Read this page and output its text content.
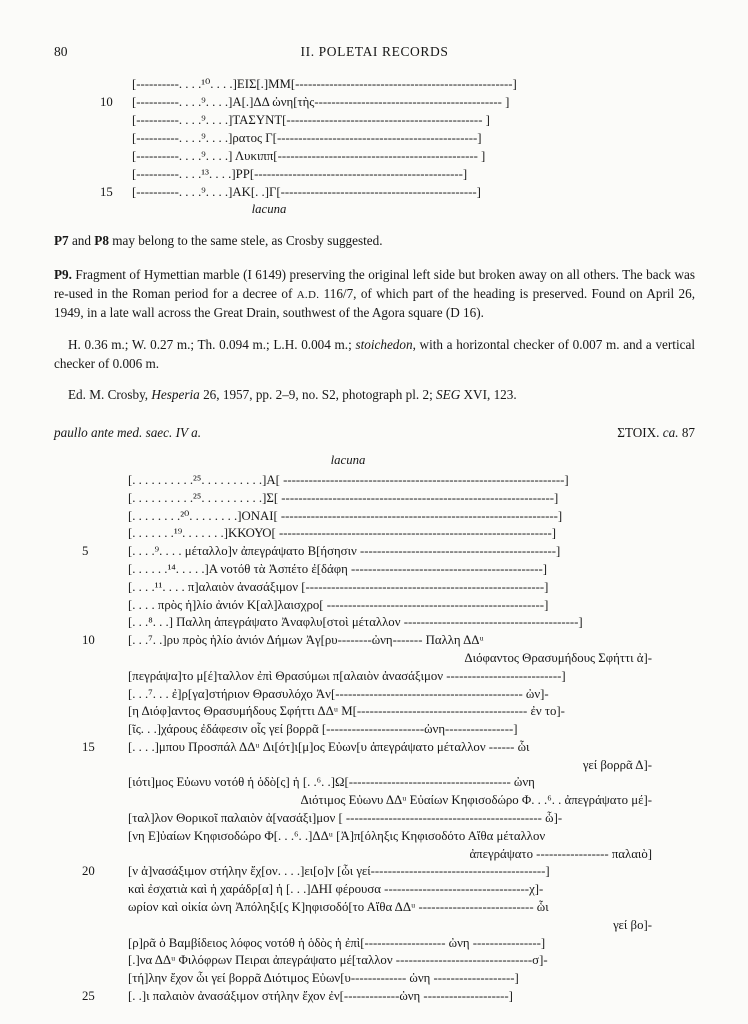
80	II. POLETAI RECORDS
[----------. . . .¹⁰. . . .]ΕΙΣ[.]ΜΜ[---------------------------------------------------]
10	[----------. . . .⁹. . . .]Α[.]ΔΔ ὠνη[τὴς-------------------------------------------- ]
[----------. . . .⁹. . . .]ΤΑΣΥΝΤ[---------------------------------------------- ]
[----------. . . .⁹. . . .]ρατος Γ[-----------------------------------------------]
[----------. . . .⁹. . . .] Λυκιππ[----------------------------------------------- ]
[----------. . . .¹³. . . .]ΡΡ[-------------------------------------------------]
15	[----------. . . .⁹. . . .]ΑΚ[. .]Γ[----------------------------------------------]
lacuna

P7 and P8 may belong to the same stele, as Crosby suggested.

P9. Fragment of Hymettian marble (I 6149) preserving the original left side but broken away on all others. The back was re-used in the Roman period for a decree of A.D. 116/7, of which part of the heading is preserved. Found on April 26, 1949, in a late wall across the Great Drain, southwest of the Agora square (D 16).

H. 0.36 m.; W. 0.27 m.; Th. 0.094 m.; L.H. 0.004 m.; stoichedon, with a horizontal checker of 0.007 m. and a vertical checker of 0.006 m.

Ed. M. Crosby, Hesperia 26, 1957, pp. 2–9, no. S2, photograph pl. 2; SEG XVI, 123.

paullo ante med. saec. IV a.	ΣΤΟΙΧ. ca. 87
lacuna
[. . . . . . . . . .²⁵. . . . . . . . . .]Α[ ------------------------------------------------------------------]
[. . . . . . . . . .²⁵. . . . . . . . . .]Σ[ ----------------------------------------------------------------]
[. . . . . . . .²⁰. . . . . . . .]ΟΝΑΙ[ -----------------------------------------------------------------]
[. . . . . . .¹⁹. . . . . . .]ΚΚΟΥΟ[ ----------------------------------------------------------------]
5	[. . . .⁹. . . . μέταλλο]ν ἀπεγράψατο Β[ήσησιν ----------------------------------------------]
[. . . . . .¹⁴. . . . .]Α νοτόθ τὰ Ἀσπέτο ἐ[δάφη ---------------------------------------------]
[. . . .¹¹. . . . π]αλαιὸν ἀνασάξιμον [--------------------------------------------------------]
[. . . . πρὸς ἡ]λίο ἀνιόν Κ[αλ]λαισχρο[ ---------------------------------------------------]
[. . .⁸. . .] Παλλη ἀπεγράψατο Ἀναφλυ[στοὶ μέταλλον -----------------------------------------]
10	[. . .⁷. .]ρυ πρὸς ἡλίο ἀνιόν Δήμων Ἀγ[ρυ--------ὠνη------- Παλλη ΔΔᵘ
Διόφαντος Θρασυμήδους Σφήττι ἀ]-
[πεγράψα]το μ[έ]ταλλον ἐπὶ Θρασύμωι π[αλαιὸν ἀνασάξιμον ---------------------------]
[. . .⁷. . . ἐ]ρ[γα]στήριον Θρασυλόχο Ἀν[-------------------------------------------- ὠν]-
[η Διόφ]αντος Θρασυμήδους Σφήττι ΔΔᵘ Μ[---------------------------------------- ἐν το]-
[ῖς. . .]χάρους ἐδάφεσιν οἷς γεί βορρᾶ [-----------------------ὠνη----------------]
15	[. . . .]μπου Προσπάλ ΔΔᵘ Δι[ότ]ι[μ]ος Εὐων[υ ἀπεγράψατο μέταλλον ------ ὧι
γεί βορρᾶ Δ]-
[ιότι]μος Εὐωνυ νοτόθ ἡ ὁδὸ[ς] ἡ [. .⁶. .]Ω[-------------------------------------- ὠνη
Διότιμος Εὐωνυ ΔΔᵘ Εὐαίων Κηφισοδώρο Φ. . .⁶. . ἀπεγράψατο μέ]-
[ταλ]λον Θορικοῖ παλαιὸν ἀ[νασάξι]μον [ ---------------------------------------------- ὧ]-
[νη Ε]ὐαίων Κηφισοδώρο Φ[. . .⁶. .]ΔΔᵘ [Ἀ]π[όληξις Κηφισοδότο Αἴθα μέταλλον
ἀπεγράψατο ----------------- παλαιὸ]
20	[ν ἀ]νασάξιμον στήλην ἔχ[ον. . . .]ει[ο]ν [ὧι γεί-----------------------------------------]
καὶ ἐσχατιὰ καὶ ἡ χαράδρ[α] ἡ [. . .]ΔΗΙ φέρουσα ----------------------------------χ]-
ωρίον καὶ οἰκία ὠνη Ἀπόληξι[ς Κ]ηφισοδό[το Αἴθα ΔΔᵘ --------------------------- ὧι
γεί βο]-
[ρ]ρᾶ ὁ Βαμβίδειος λόφος νοτόθ ἡ ὁδὸς ἡ ἐπὶ[------------------- ὠνη ----------------]
[.]να ΔΔᵘ Φιλόφρων Πειραι ἀπεγράψατο μέ[ταλλον --------------------------------σ]-
[τή]λην ἔχον ὧι γεί βορρᾶ Διότιμος Εὐων[υ------------- ὠνη -------------------]
25	[. .]ι παλαιὸν ἀνασάξιμον στήλην ἔχον ἐν[-------------ὠνη --------------------]
